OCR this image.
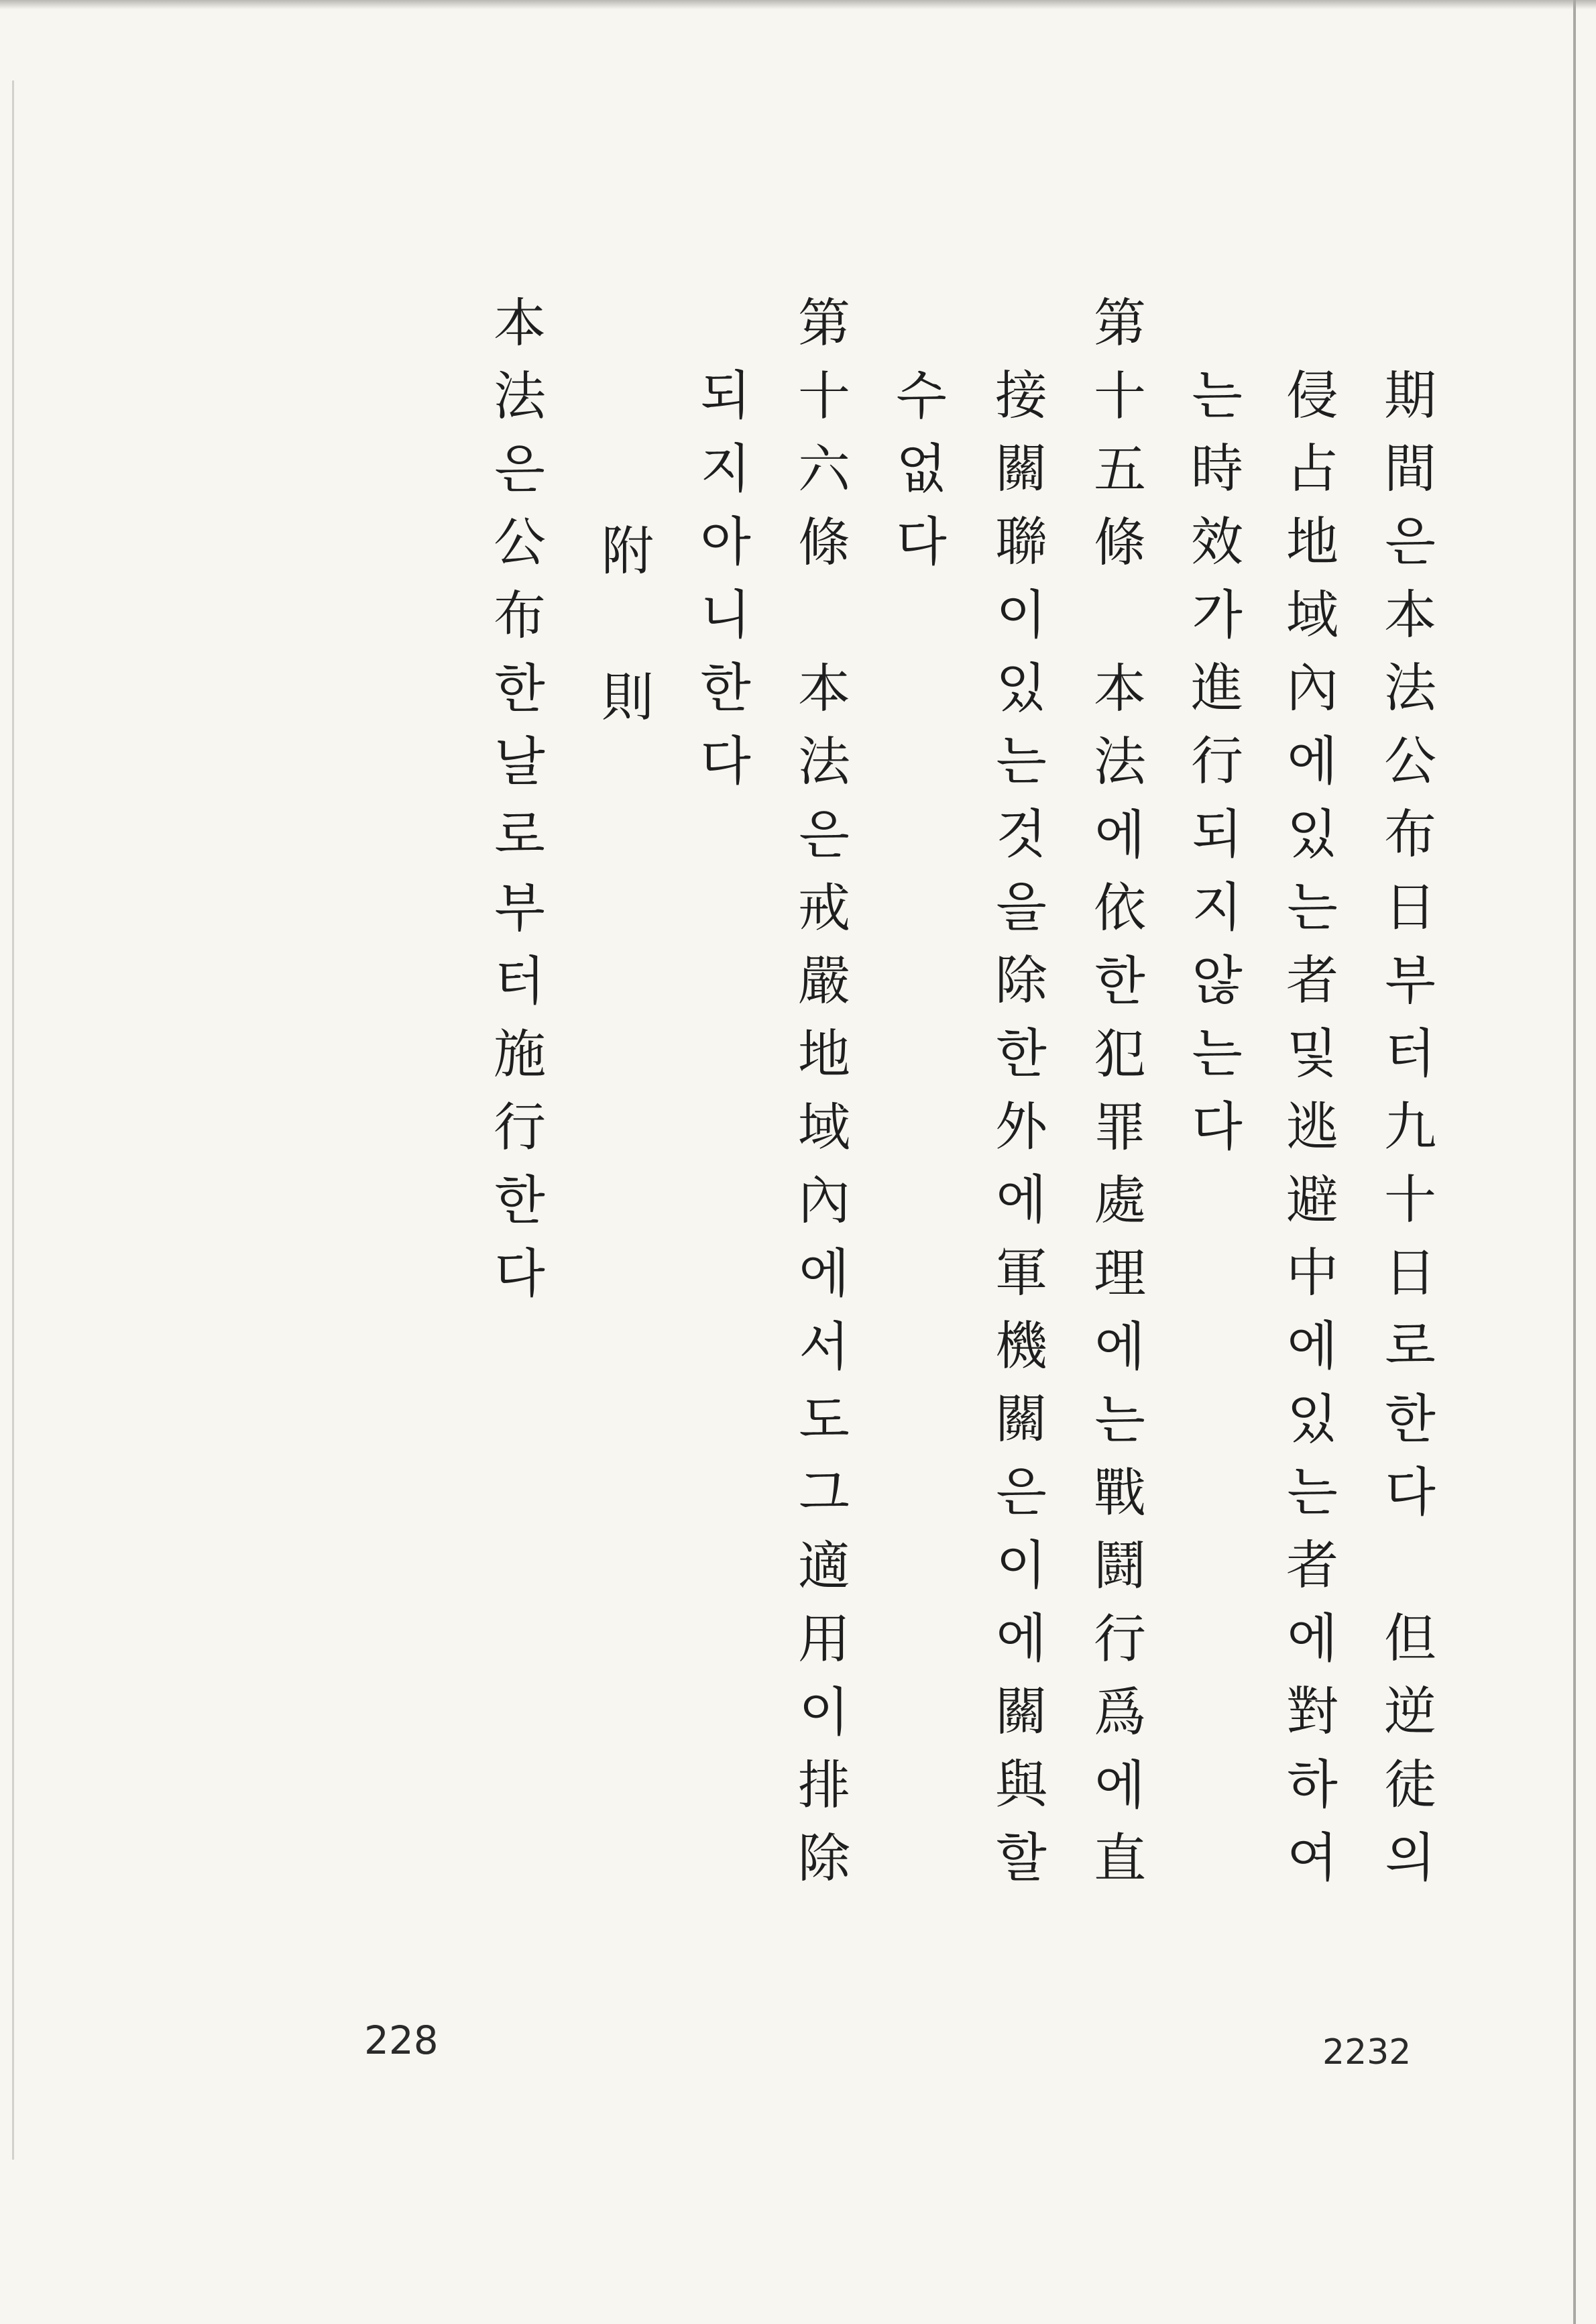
期間은本法公布日부터九十日로한다　但逆徒의
侵占地域內에있는者및逃避中에있는者에對하여
는時效가進行되지않는다
第十五條　本法에依한犯罪處理에는戰鬪行爲에直
接關聯이있는것을除한外에軍機關은이에關與할
수없다
第十六條　本法은戒嚴地域內에서도그適用이排除
되지아니한다
附　則
本法은公布한날로부터施行한다
228	2232
